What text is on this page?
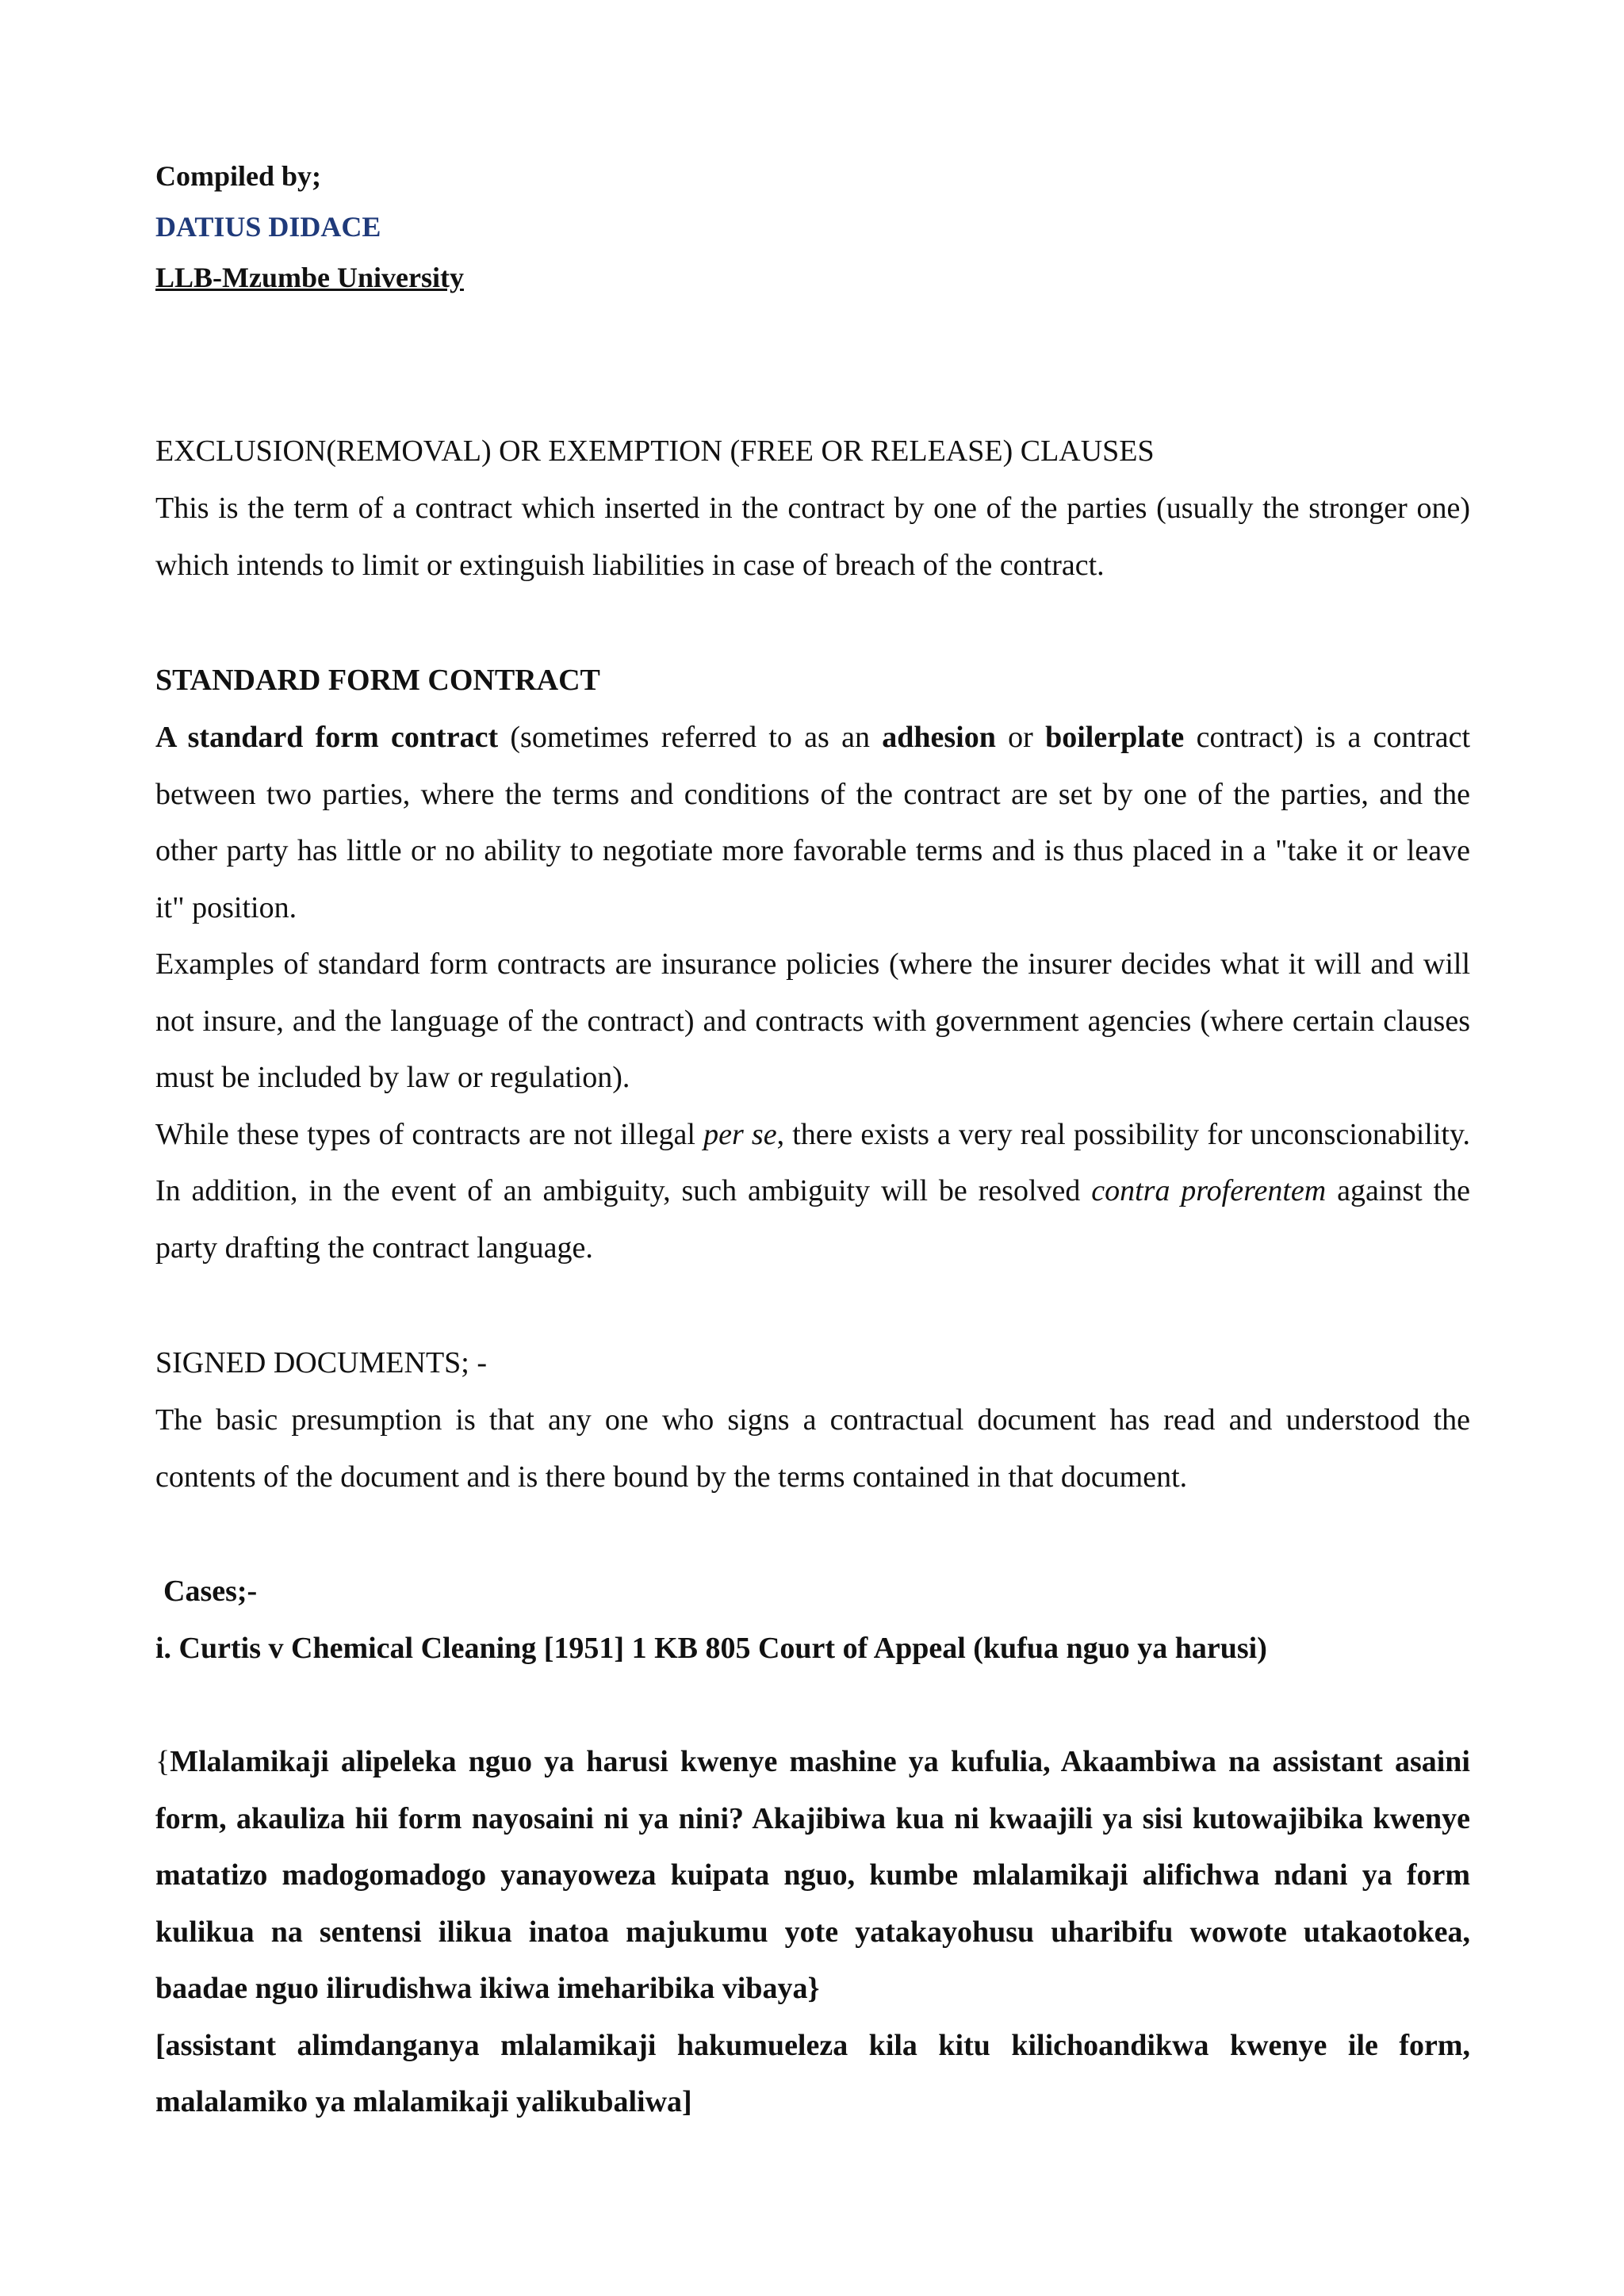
Compiled by;

DATIUS DIDACE

LLB-Mzumbe University

EXCLUSION(REMOVAL) OR EXEMPTION (FREE OR RELEASE) CLAUSES

This is the term of a contract which inserted in the contract by one of the parties (usually the stronger one) which intends to limit or extinguish liabilities in case of breach of the contract.

STANDARD FORM CONTRACT

A standard form contract (sometimes referred to as an adhesion or boilerplate contract) is a contract between two parties, where the terms and conditions of the contract are set by one of the parties, and the other party has little or no ability to negotiate more favorable terms and is thus placed in a "take it or leave it" position.

Examples of standard form contracts are insurance policies (where the insurer decides what it will and will not insure, and the language of the contract) and contracts with government agencies (where certain clauses must be included by law or regulation).

While these types of contracts are not illegal per se, there exists a very real possibility for unconscionability. In addition, in the event of an ambiguity, such ambiguity will be resolved contra proferentem against the party drafting the contract language.

SIGNED DOCUMENTS; -

The basic presumption is that any one who signs a contractual document has read and understood the contents of the document and is there bound by the terms contained in that document.

Cases;-

i. Curtis v Chemical Cleaning [1951] 1 KB 805 Court of Appeal (kufua nguo ya harusi)

{Mlalamikaji alipeleka nguo ya harusi kwenye mashine ya kufulia, Akaambiwa na assistant asaini form, akauliza hii form nayosaini ni ya nini? Akajibiwa kua ni kwaajili ya sisi kutowajibika kwenye matatizo madogomadogo yanayoweza kuipata nguo, kumbe mlalamikaji alifichwa ndani ya form kulikua na sentensi ilikua inatoa majukumu yote yatakayohusu uharibifu wowote utakaotokea, baadae nguo ilirudishwa ikiwa imeharibika vibaya}

[assistant alimdanganya mlalamikaji hakumueleza kila kitu kilichoandikwa kwenye ile form, malalamiko ya mlalamikaji yalikubaliwa]
